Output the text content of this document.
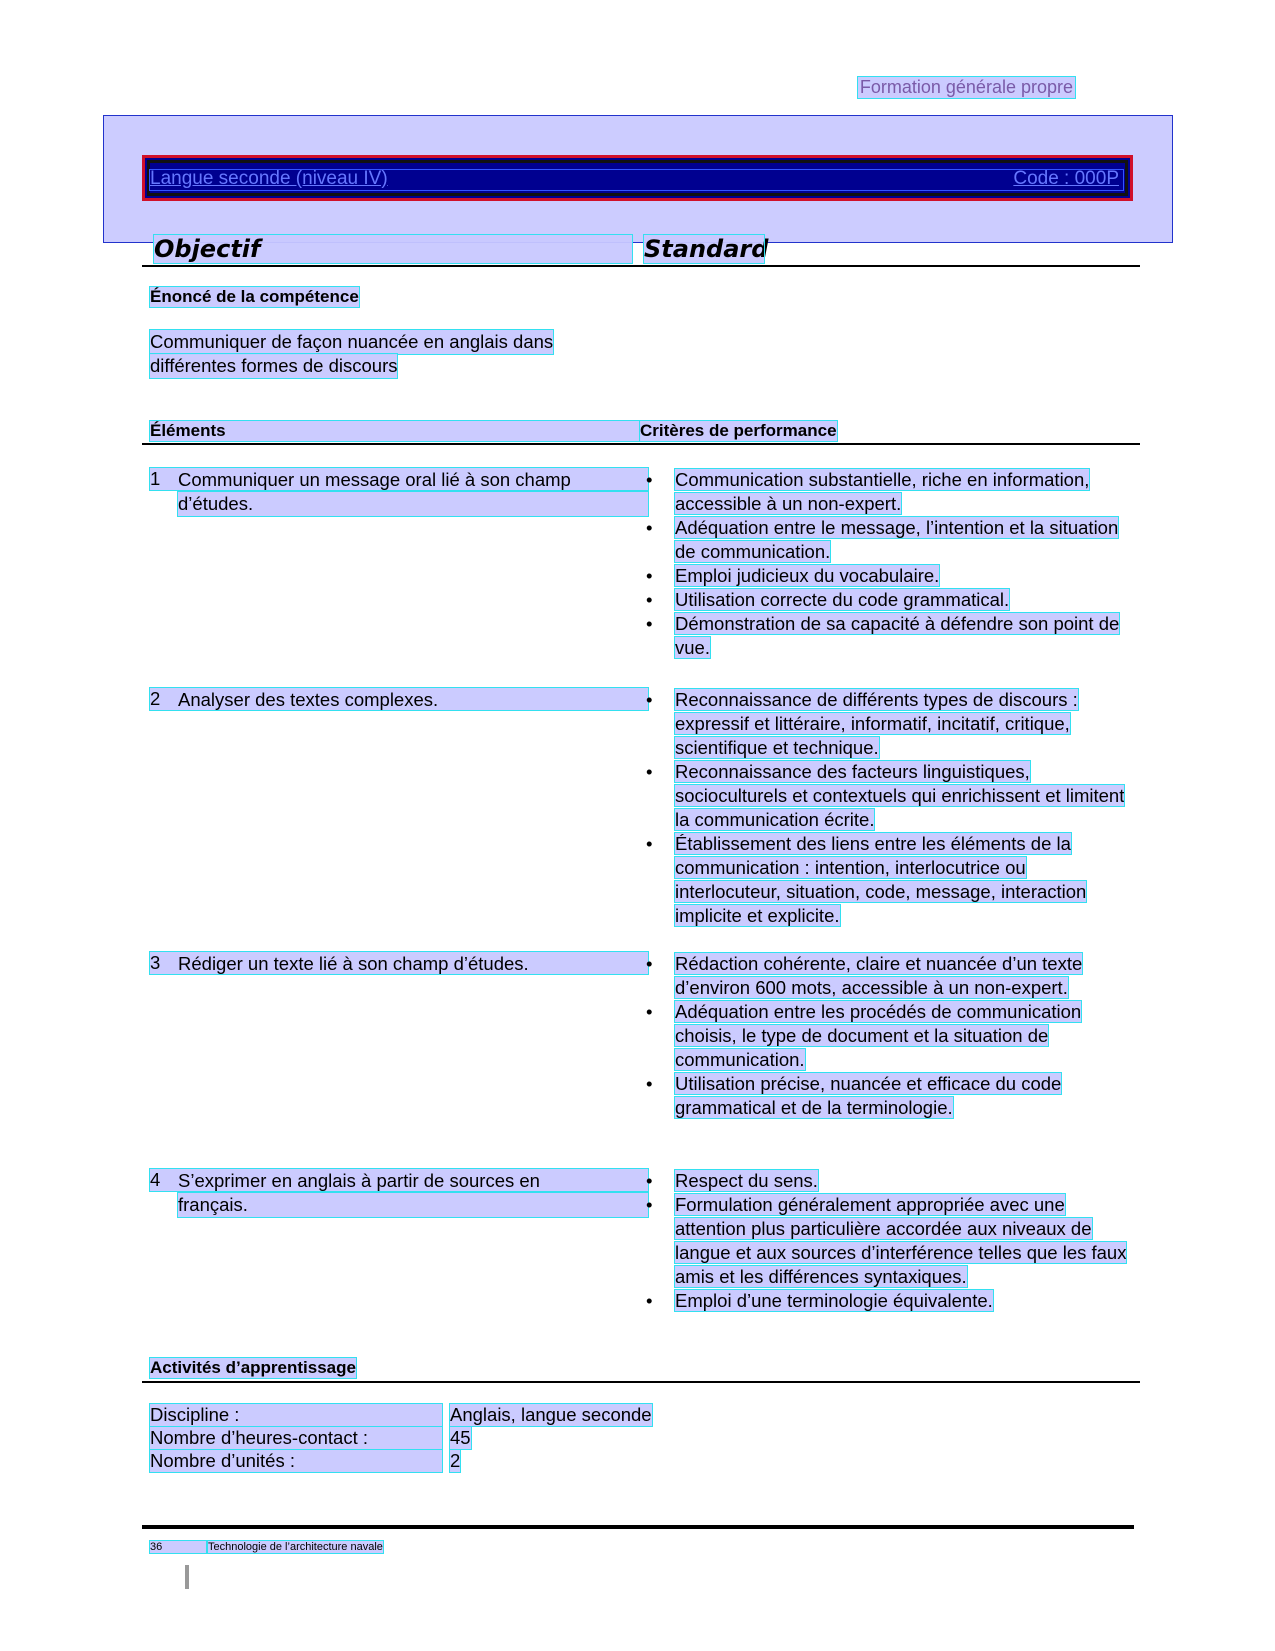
Formation générale propre
Langue seconde (niveau IV)	Code : 000P
Objectif	Standard
Énoncé de la compétence
Communiquer de façon nuancée en anglais dans
différentes formes de discours
Éléments	Critères de performance
1 Communiquer un message oral lié à son champ
d’études.
•	Communication substantielle, riche en information, accessible à un non-expert.
•	Adéquation entre le message, l’intention et la situation de communication.
•	Emploi judicieux du vocabulaire.
•	Utilisation correcte du code grammatical.
•	Démonstration de sa capacité à défendre son point de vue.
2 Analyser des textes complexes.	•	Reconnaissance de différents types de discours : expressif et littéraire, informatif, incitatif, critique, scientifique et technique.
•	Reconnaissance des facteurs linguistiques, socioculturels et contextuels qui enrichissent et limitent la communication écrite.
•	Établissement des liens entre les éléments de la communication : intention, interlocutrice ou interlocuteur, situation, code, message, interaction implicite et explicite.
3 Rédiger un texte lié à son champ d’études.	•	Rédaction cohérente, claire et nuancée d’un texte d’environ 600 mots, accessible à un non-expert.
•	Adéquation entre les procédés de communication choisis, le type de document et la situation de communication.
•	Utilisation précise, nuancée et efficace du code grammatical et de la terminologie.
4 S’exprimer en anglais à partir de sources en
français.
•	Respect du sens.
•	Formulation généralement appropriée avec une attention plus particulière accordée aux niveaux de langue et aux sources d’interférence telles que les faux amis et les différences syntaxiques.
•	Emploi d’une terminologie équivalente.
Activités d’apprentissage
Discipline :	Anglais, langue seconde
Nombre d’heures-contact :	45
Nombre d’unités :	2
36	Technologie de l’architecture navale
